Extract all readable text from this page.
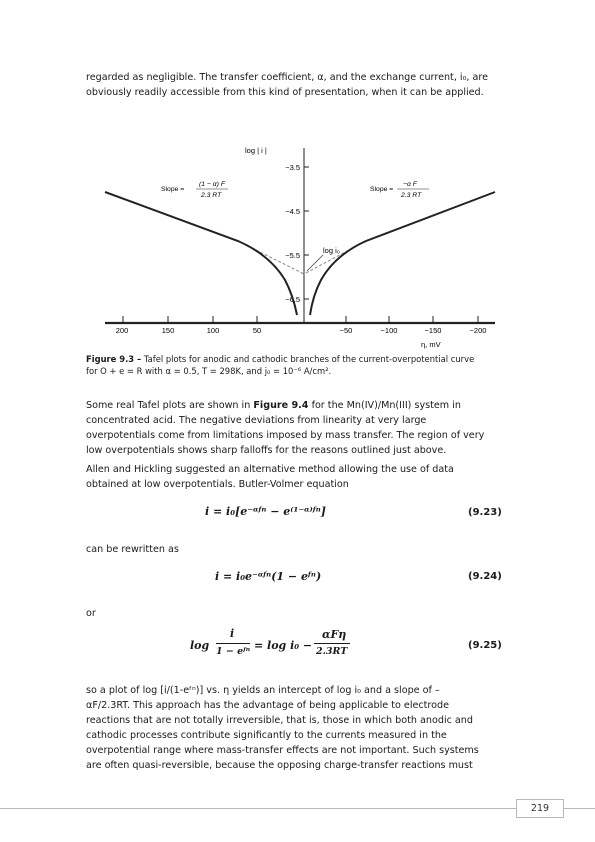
regarded as negligible. The transfer coefficient, α, and the exchange current, i₀, are
obviously readily accessible from this kind of presentation, when it can be applied.

−3.5
−4.5
−5.5
−6.5
log | i |
200	150	100	50	−50	−100	−150	−200
η, mV
log i₀
Slope =
(1 − α) F
2.3 RT
Slope =
−α F
2.3 RT
Figure 9.3 – Tafel plots for anodic and cathodic branches of the current-overpotential curve
for O + e = R with α = 0.5, T = 298K, and j₀ = 10⁻⁶ A/cm².

Some real Tafel plots are shown in Figure 9.4 for the Mn(IV)/Mn(III) system in
concentrated acid. The negative deviations from linearity at very large
overpotentials come from limitations imposed by mass transfer. The region of very
low overpotentials shows sharp falloffs for the reasons outlined just above.

Allen and Hickling suggested an alternative method allowing the use of data
obtained at low overpotentials. Butler-Volmer equation

i = i₀[e⁻ᵅᶠⁿ − e⁽¹⁻ᵅ⁾ᶠⁿ]	(9.23)

can be rewritten as

i = i₀e⁻ᵅᶠⁿ(1 − eᶠⁿ)	(9.24)

or

log
i
1 − eᶠⁿ = log i₀ −
αFη
2.3RT
(9.25)

so a plot of log [i/(1-eᶠⁿ)] vs. η yields an intercept of log i₀ and a slope of –
αF/2.3RT. This approach has the advantage of being applicable to electrode
reactions that are not totally irreversible, that is, those in which both anodic and
cathodic processes contribute significantly to the currents measured in the
overpotential range where mass-transfer effects are not important. Such systems
are often quasi-reversible, because the opposing charge-transfer reactions must

219
